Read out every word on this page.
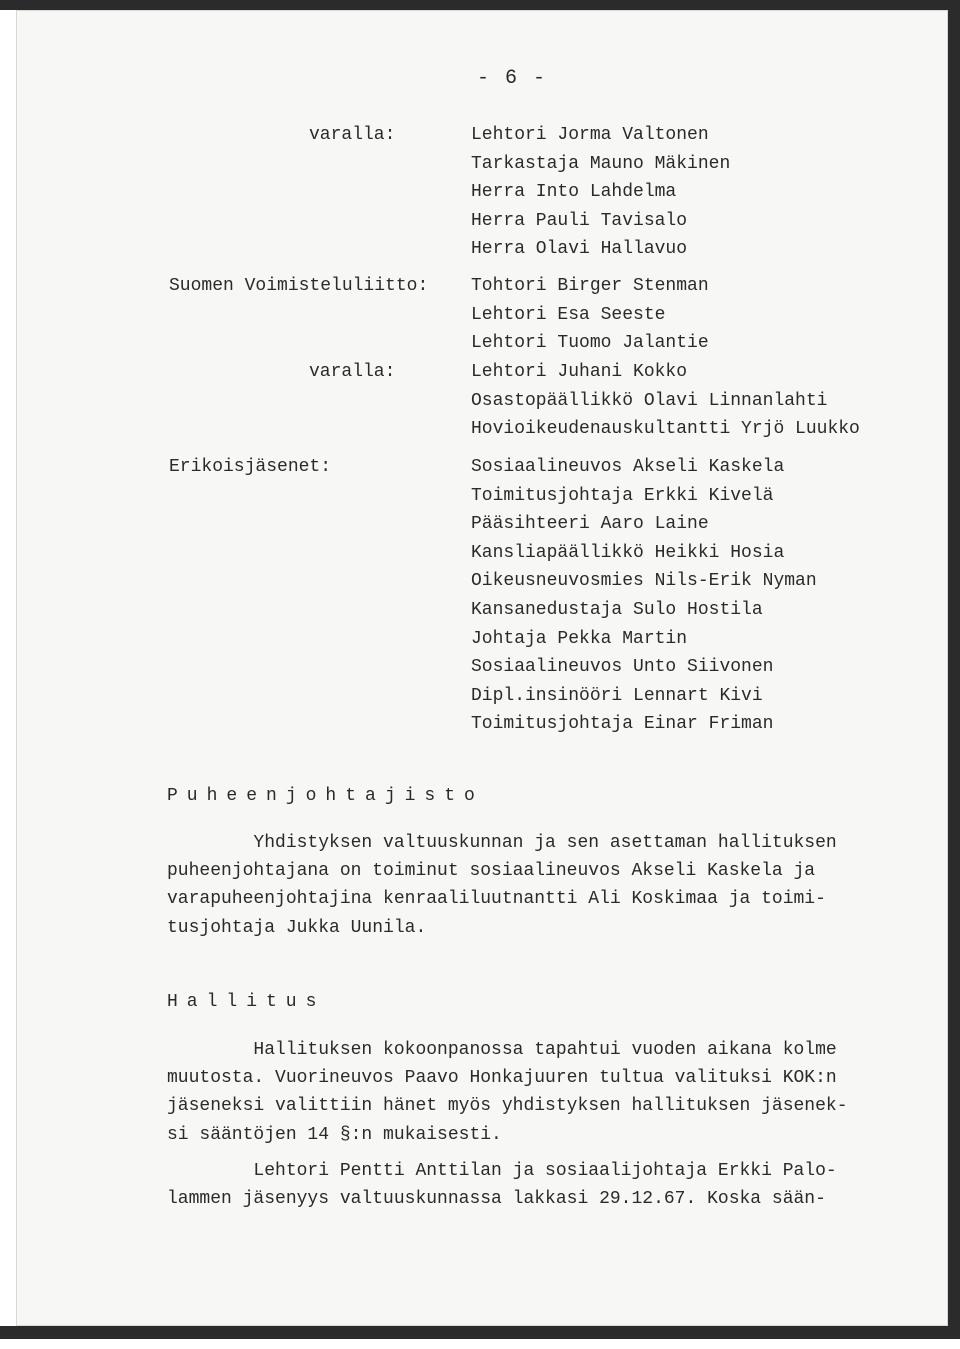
- 6 -
varalla:	Lehtori Jorma Valtonen
Tarkastaja Mauno Mäkinen
Herra Into Lahdelma
Herra Pauli Tavisalo
Herra Olavi Hallavuo
Suomen Voimisteluliitto: Tohtori Birger Stenman
Lehtori Esa Seeste
Lehtori Tuomo Jalantie
varalla:	Lehtori Juhani Kokko
Osastopäällikkö Olavi Linnanlahti
Hovioikeudenauskultantti Yrjö Luukko
Erikoisjäsenet:	Sosiaalineuvos Akseli Kaskela
Toimitusjohtaja Erkki Kivelä
Pääsihteeri Aaro Laine
Kansliapäällikkö Heikki Hosia
Oikeusneuvosmies Nils-Erik Nyman
Kansanedustaja Sulo Hostila
Johtaja Pekka Martin
Sosiaalineuvos Unto Siivonen
Dipl.insinööri Lennart Kivi
Toimitusjohtaja Einar Friman
Puheenjohtajisto
Yhdistyksen valtuuskunnan ja sen asettaman hallituksen
puheenjohtajana on toiminut sosiaalineuvos Akseli Kaskela ja
varapuheenjohtajina kenraaliluutnantti Ali Koskimaa ja toimi-
tusjohtaja Jukka Uunila.
Hallitus
Hallituksen kokoonpanossa tapahtui vuoden aikana kolme
muutosta. Vuorineuvos Paavo Honkajuuren tultua valituksi KOK:n
jäseneksi valittiin hänet myös yhdistyksen hallituksen jäsenek-
si sääntöjen 14 §:n mukaisesti.
Lehtori Pentti Anttilan ja sosiaalijohtaja Erkki Palo-
lammen jäsenyys valtuuskunnassa lakkasi 29.12.67. Koska sään-
